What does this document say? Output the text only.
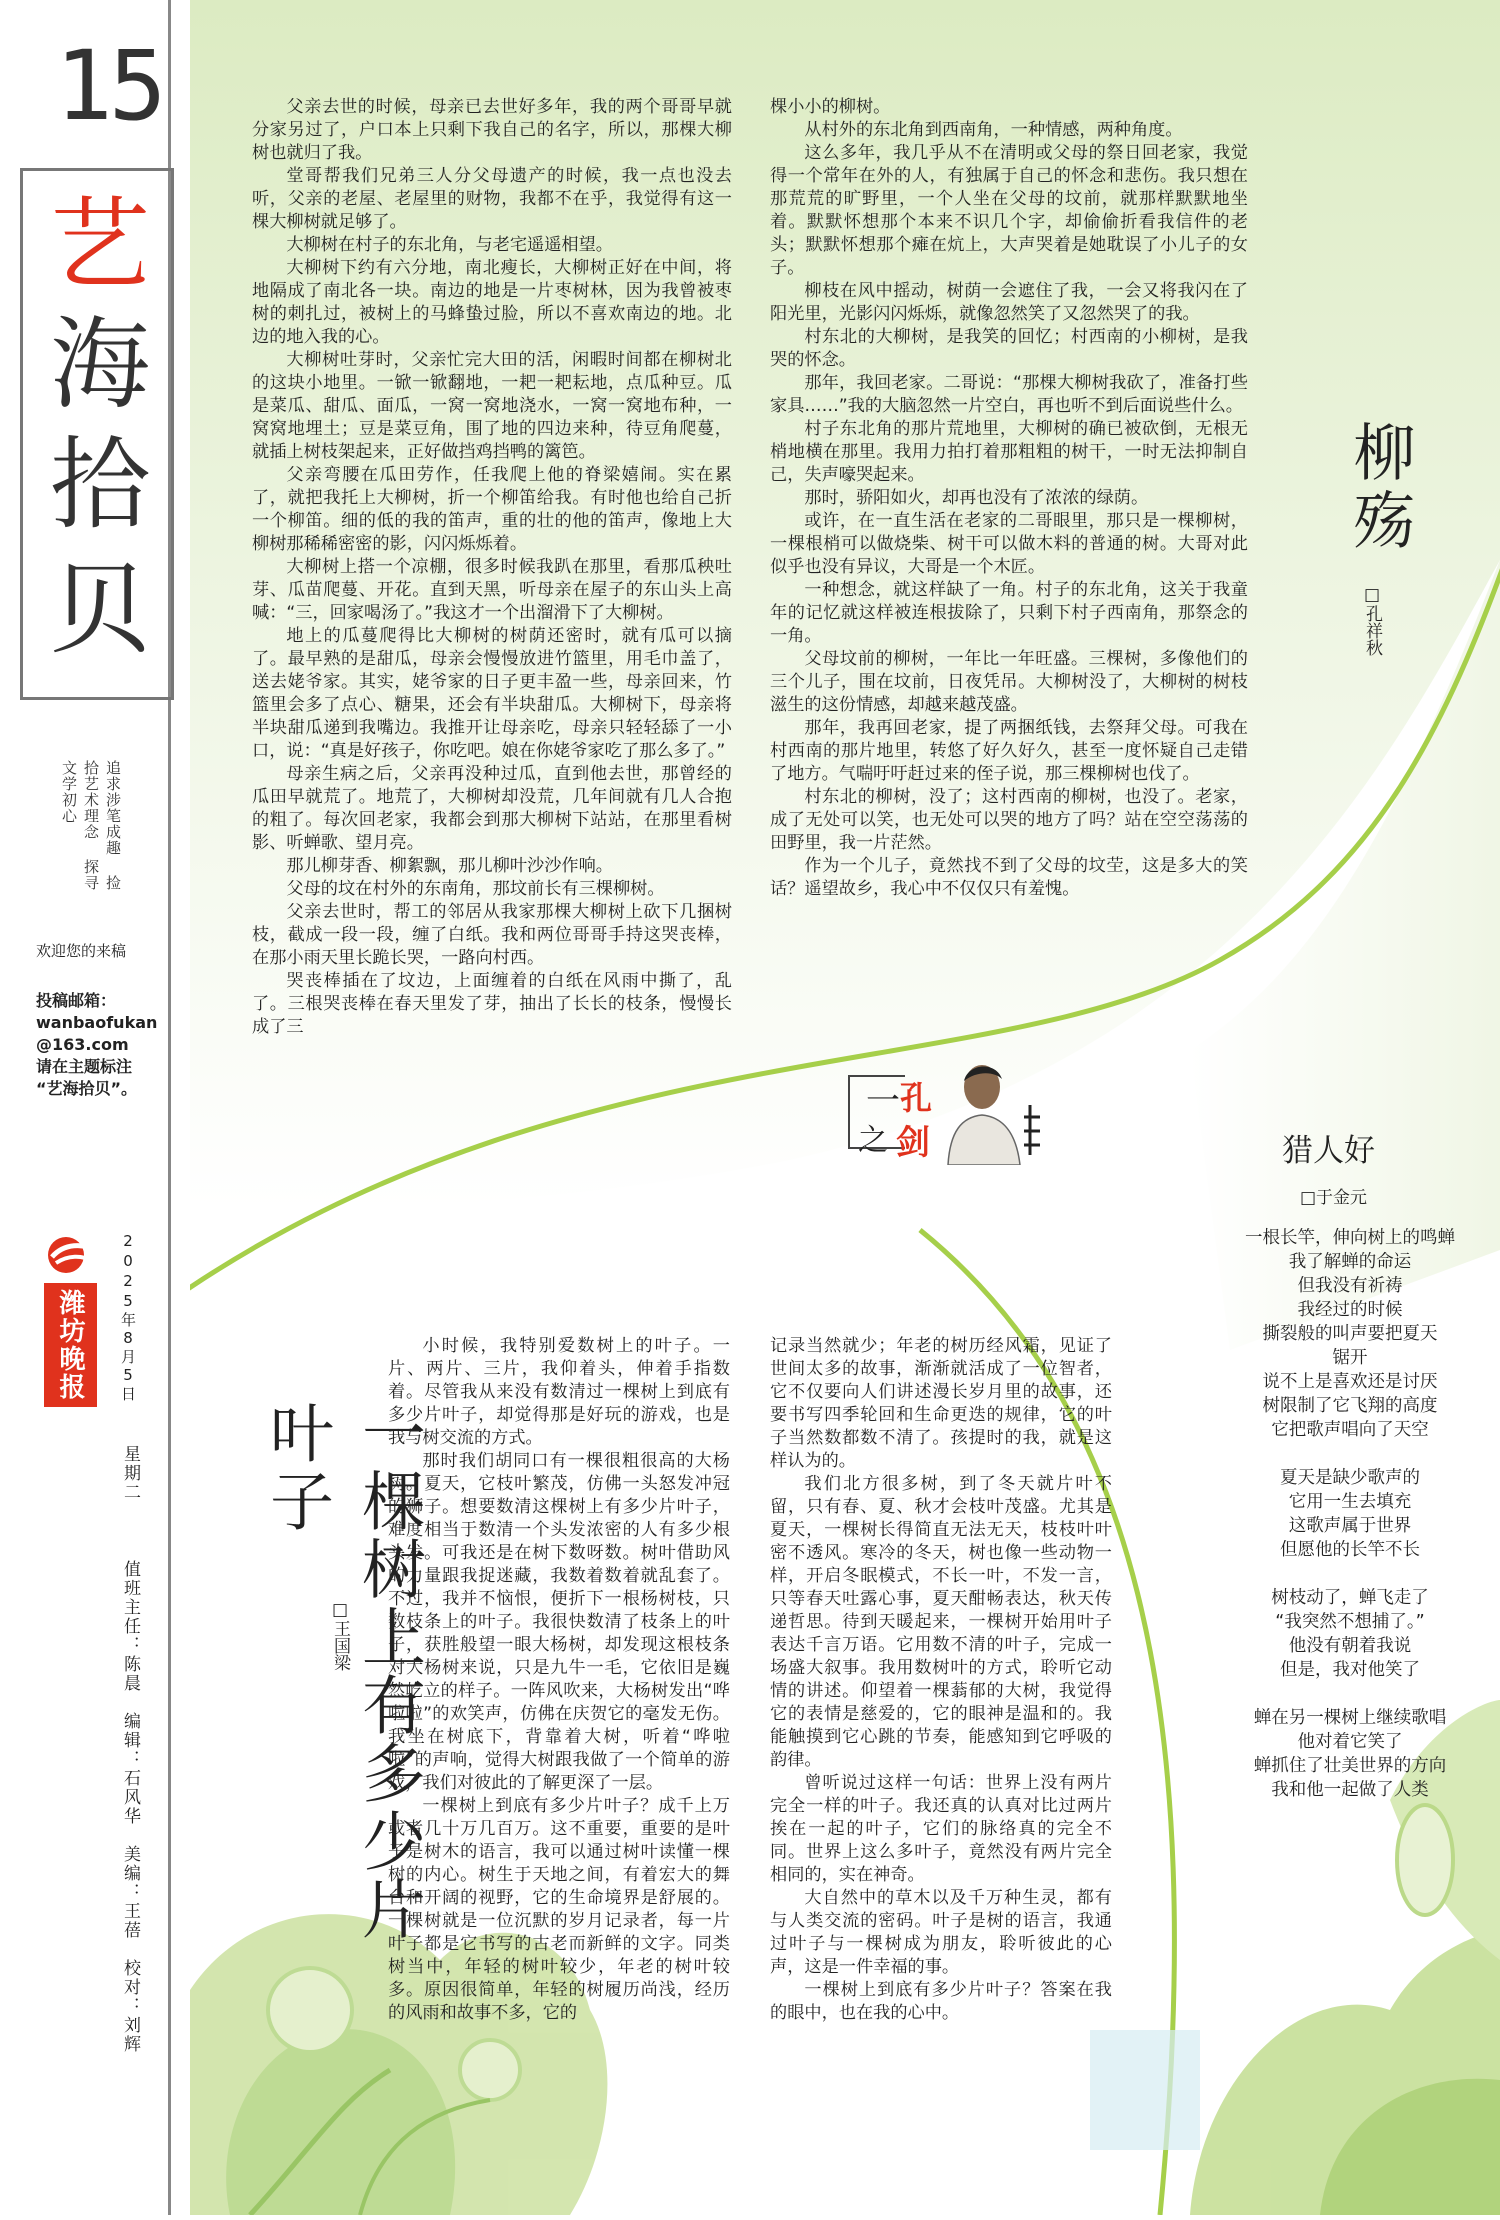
15
艺
海
拾
贝
追求涉笔成趣 捡拾艺术理念 探寻文学初心
欢迎您的来稿
投稿邮箱：
wanbaofukan
@163.com
请在主题标注
“艺海拾贝”。
潍坊晚报	2025年8月5日
星期二
值班主任：陈晨　编辑：石风华　美编：王蓓　校对：刘辉

父亲去世的时候，母亲已去世好多年，我的两个哥哥早就分家另过了，户口本上只剩下我自己的名字，所以，那棵大柳树也就归了我。

堂哥帮我们兄弟三人分父母遗产的时候，我一点也没去听，父亲的老屋、老屋里的财物，我都不在乎，我觉得有这一棵大柳树就足够了。

大柳树在村子的东北角，与老宅遥遥相望。

大柳树下约有六分地，南北瘦长，大柳树正好在中间，将地隔成了南北各一块。南边的地是一片枣树林，因为我曾被枣树的刺扎过，被树上的马蜂蛰过脸，所以不喜欢南边的地。北边的地入我的心。

大柳树吐芽时，父亲忙完大田的活，闲暇时间都在柳树北的这块小地里。一锨一锨翻地，一耙一耙耘地，点瓜种豆。瓜是菜瓜、甜瓜、面瓜，一窝一窝地浇水，一窝一窝地布种，一窝窝地埋土；豆是菜豆角，围了地的四边来种，待豆角爬蔓，就插上树枝架起来，正好做挡鸡挡鸭的篱笆。

父亲弯腰在瓜田劳作，任我爬上他的脊梁嬉闹。实在累了，就把我托上大柳树，折一个柳笛给我。有时他也给自己折一个柳笛。细的低的我的笛声，重的壮的他的笛声，像地上大柳树那稀稀密密的影，闪闪烁烁着。

大柳树上搭一个凉棚，很多时候我趴在那里，看那瓜秧吐芽、瓜苗爬蔓、开花。直到天黑，听母亲在屋子的东山头上高喊：“三，回家喝汤了。”我这才一个出溜滑下了大柳树。

地上的瓜蔓爬得比大柳树的树荫还密时，就有瓜可以摘了。最早熟的是甜瓜，母亲会慢慢放进竹篮里，用毛巾盖了，送去姥爷家。其实，姥爷家的日子更丰盈一些，母亲回来，竹篮里会多了点心、糖果，还会有半块甜瓜。大柳树下，母亲将半块甜瓜递到我嘴边。我推开让母亲吃，母亲只轻轻舔了一小口，说：“真是好孩子，你吃吧。娘在你姥爷家吃了那么多了。”

母亲生病之后，父亲再没种过瓜，直到他去世，那曾经的瓜田早就荒了。地荒了，大柳树却没荒，几年间就有几人合抱的粗了。每次回老家，我都会到那大柳树下站站，在那里看树影、听蝉歌、望月亮。

那儿柳芽香、柳絮飘，那儿柳叶沙沙作响。

父母的坟在村外的东南角，那坟前长有三棵柳树。

父亲去世时，帮工的邻居从我家那棵大柳树上砍下几捆树枝，截成一段一段，缠了白纸。我和两位哥哥手持这哭丧棒，在那小雨天里长跪长哭，一路向村西。

哭丧棒插在了坟边，上面缠着的白纸在风雨中撕了，乱了。三根哭丧棒在春天里发了芽，抽出了长长的枝条，慢慢长成了三

棵小小的柳树。

从村外的东北角到西南角，一种情感，两种角度。

这么多年，我几乎从不在清明或父母的祭日回老家，我觉得一个常年在外的人，有独属于自己的怀念和悲伤。我只想在那荒荒的旷野里，一个人坐在父母的坟前，就那样默默地坐着。默默怀想那个本来不识几个字，却偷偷折看我信件的老头；默默怀想那个瘫在炕上，大声哭着是她耽误了小儿子的女子。

柳枝在风中摇动，树荫一会遮住了我，一会又将我闪在了阳光里，光影闪闪烁烁，就像忽然笑了又忽然哭了的我。

村东北的大柳树，是我笑的回忆；村西南的小柳树，是我哭的怀念。

那年，我回老家。二哥说：“那棵大柳树我砍了，准备打些家具……”我的大脑忽然一片空白，再也听不到后面说些什么。

村子东北角的那片荒地里，大柳树的确已被砍倒，无根无梢地横在那里。我用力拍打着那粗粗的树干，一时无法抑制自己，失声嚎哭起来。

那时，骄阳如火，却再也没有了浓浓的绿荫。

或许，在一直生活在老家的二哥眼里，那只是一棵柳树，一棵根梢可以做烧柴、树干可以做木料的普通的树。大哥对此似乎也没有异议，大哥是一个木匠。

一种想念，就这样缺了一角。村子的东北角，这关于我童年的记忆就这样被连根拔除了，只剩下村子西南角，那祭念的一角。

父母坟前的柳树，一年比一年旺盛。三棵树，多像他们的三个儿子，围在坟前，日夜凭吊。大柳树没了，大柳树的树枝滋生的这份情感，却越来越茂盛。

那年，我再回老家，提了两捆纸钱，去祭拜父母。可我在村西南的那片地里，转悠了好久好久，甚至一度怀疑自己走错了地方。气喘吁吁赶过来的侄子说，那三棵柳树也伐了。

村东北的柳树，没了；这村西南的柳树，也没了。老家，成了无处可以笑，也无处可以哭的地方了吗？站在空空荡荡的田野里，我一片茫然。

作为一个儿子，竟然找不到了父母的坟茔，这是多大的笑话？遥望故乡，我心中不仅仅只有羞愧。

柳殇
□孔祥秋
一 孔
之 剑
一棵树上有多少片叶子
□王国梁

小时候，我特别爱数树上的叶子。一片、两片、三片，我仰着头，伸着手指数着。尽管我从来没有数清过一棵树上到底有多少片叶子，却觉得那是好玩的游戏，也是我与树交流的方式。

那时我们胡同口有一棵很粗很高的大杨树。夏天，它枝叶繁茂，仿佛一头怒发冲冠的狮子。想要数清这棵树上有多少片叶子，难度相当于数清一个头发浓密的人有多少根头发。可我还是在树下数呀数。树叶借助风的力量跟我捉迷藏，我数着数着就乱套了。不过，我并不恼恨，便折下一根杨树枝，只数枝条上的叶子。我很快数清了枝条上的叶子，获胜般望一眼大杨树，却发现这根枝条对大杨树来说，只是九牛一毛，它依旧是巍然屹立的样子。一阵风吹来，大杨树发出“哗啦啦”的欢笑声，仿佛在庆贺它的毫发无伤。我坐在树底下，背靠着大树，听着“哗啦啦”的声响，觉得大树跟我做了一个简单的游戏，我们对彼此的了解更深了一层。

一棵树上到底有多少片叶子？成千上万或者几十万几百万。这不重要，重要的是叶子是树木的语言，我可以通过树叶读懂一棵树的内心。树生于天地之间，有着宏大的舞台和开阔的视野，它的生命境界是舒展的。一棵树就是一位沉默的岁月记录者，每一片叶子都是它书写的古老而新鲜的文字。同类树当中，年轻的树叶较少，年老的树叶较多。原因很简单，年轻的树履历尚浅，经历的风雨和故事不多，它的

记录当然就少；年老的树历经风霜，见证了世间太多的故事，渐渐就活成了一位智者，它不仅要向人们讲述漫长岁月里的故事，还要书写四季轮回和生命更迭的规律，它的叶子当然数都数不清了。孩提时的我，就是这样认为的。

我们北方很多树，到了冬天就片叶不留，只有春、夏、秋才会枝叶茂盛。尤其是夏天，一棵树长得简直无法无天，枝枝叶叶密不透风。寒冷的冬天，树也像一些动物一样，开启冬眠模式，不长一叶，不发一言，只等春天吐露心事，夏天酣畅表达，秋天传递哲思。待到天暖起来，一棵树开始用叶子表达千言万语。它用数不清的叶子，完成一场盛大叙事。我用数树叶的方式，聆听它动情的讲述。仰望着一棵蓊郁的大树，我觉得它的表情是慈爱的，它的眼神是温和的。我能触摸到它心跳的节奏，能感知到它呼吸的韵律。

曾听说过这样一句话：世界上没有两片完全一样的叶子。我还真的认真对比过两片挨在一起的叶子，它们的脉络真的完全不同。世界上这么多叶子，竟然没有两片完全相同的，实在神奇。

大自然中的草木以及千万种生灵，都有与人类交流的密码。叶子是树的语言，我通过叶子与一棵树成为朋友，聆听彼此的心声，这是一件幸福的事。

一棵树上到底有多少片叶子？答案在我的眼中，也在我的心中。

猎人好
□于金元
一根长竿，伸向树上的鸣蝉
我了解蝉的命运
但我没有祈祷
我经过的时候
撕裂般的叫声要把夏天
锯开
说不上是喜欢还是讨厌
树限制了它飞翔的高度
它把歌声唱向了天空
夏天是缺少歌声的
它用一生去填充
这歌声属于世界
但愿他的长竿不长
树枝动了，蝉飞走了
“我突然不想捕了。”
他没有朝着我说
但是，我对他笑了
蝉在另一棵树上继续歌唱
他对着它笑了
蝉抓住了壮美世界的方向
我和他一起做了人类
